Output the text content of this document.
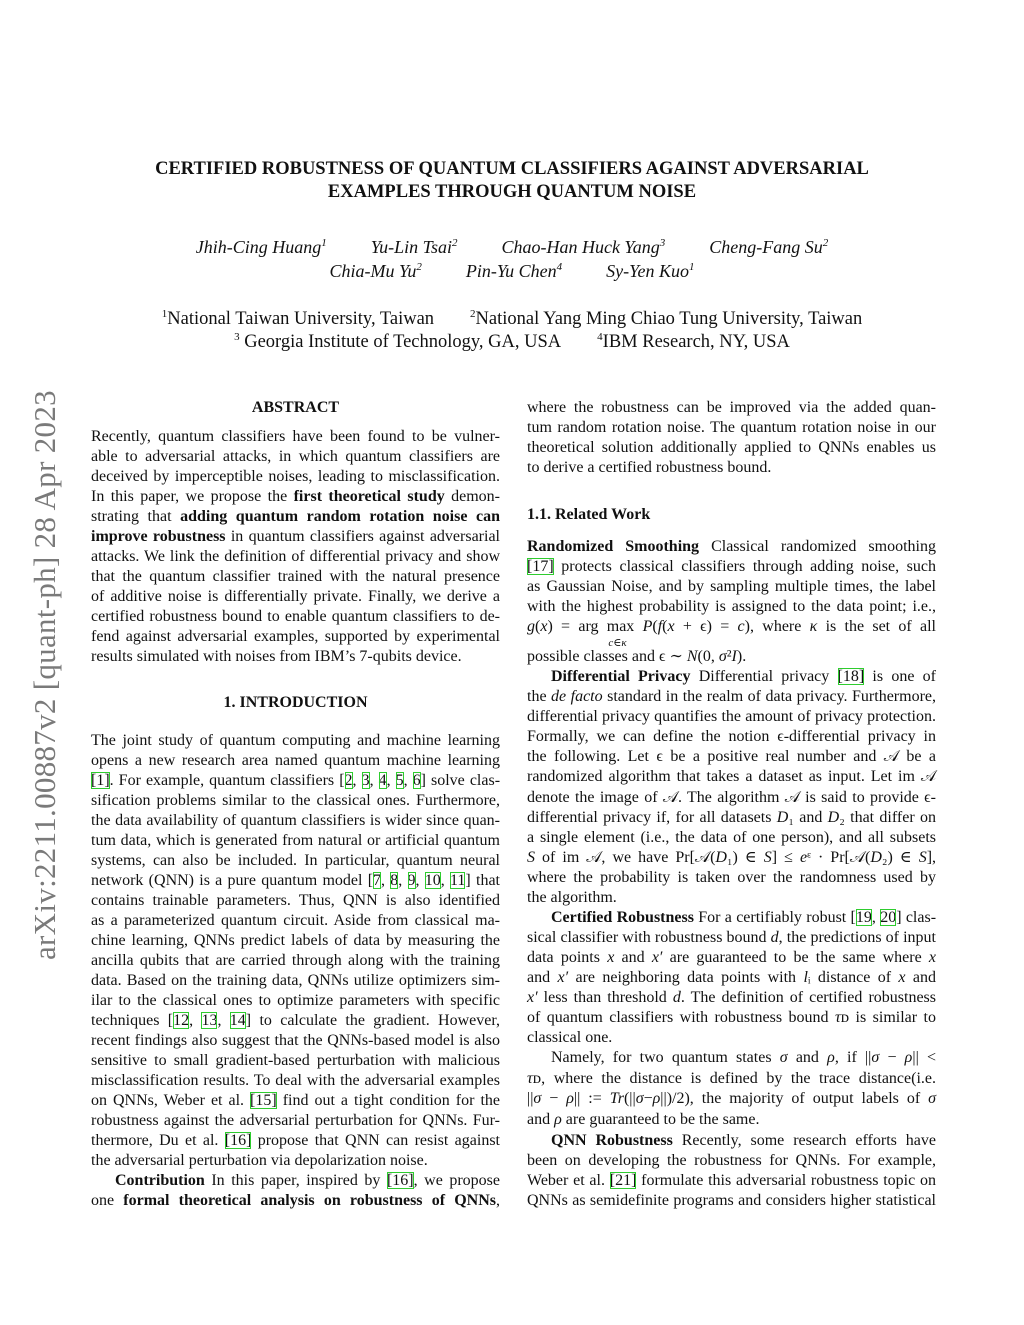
arXiv:2211.00887v2 [quant-ph] 28 Apr 2023
CERTIFIED ROBUSTNESS OF QUANTUM CLASSIFIERS AGAINST ADVERSARIAL
EXAMPLES THROUGH QUANTUM NOISE
ABSTRACT
Recently, quantum classifiers have been found to be vulner-
able to adversarial attacks, in which quantum classifiers are
deceived by imperceptible noises, leading to misclassification.
In this paper, we propose the first theoretical study demon-
strating that adding quantum random rotation noise can
improve robustness in quantum classifiers against adversarial
attacks. We link the definition of differential privacy and show
that the quantum classifier trained with the natural presence
of additive noise is differentially private. Finally, we derive a
certified robustness bound to enable quantum classifiers to de-
fend against adversarial examples, supported by experimental
results simulated with noises from IBM’s 7-qubits device.
1. INTRODUCTION
The joint study of quantum computing and machine learning
opens a new research area named quantum machine learning
[1]. For example, quantum classifiers [2, 3, 4, 5, 6] solve clas-
sification problems similar to the classical ones. Furthermore,
the data availability of quantum classifiers is wider since quan-
tum data, which is generated from natural or artificial quantum
systems, can also be included. In particular, quantum neural
network (QNN) is a pure quantum model [7, 8, 9, 10, 11] that
contains trainable parameters. Thus, QNN is also identified
as a parameterized quantum circuit. Aside from classical ma-
chine learning, QNNs predict labels of data by measuring the
ancilla qubits that are carried through along with the training
data. Based on the training data, QNNs utilize optimizers sim-
ilar to the classical ones to optimize parameters with specific
techniques [12, 13, 14] to calculate the gradient. However,
recent findings also suggest that the QNNs-based model is also
sensitive to small gradient-based perturbation with malicious
misclassification results. To deal with the adversarial examples
on QNNs, Weber et al. [15] find out a tight condition for the
robustness against the adversarial perturbation for QNNs. Fur-
thermore, Du et al. [16] propose that QNN can resist against
the adversarial perturbation via depolarization noise.
Contribution In this paper, inspired by [16], we propose
one formal theoretical analysis on robustness of QNNs,
where the robustness can be improved via the added quan-
tum random rotation noise. The quantum rotation noise in our
theoretical solution additionally applied to QNNs enables us
to derive a certified robustness bound.
1.1. Related Work
Randomized Smoothing Classical randomized smoothing
[17] protects classical classifiers through adding noise, such
as Gaussian Noise, and by sampling multiple times, the label
with the highest probability is assigned to the data point; i.e.,
g(x) = arg maxc∈κ P(f(x + ϵ) = c), where κ is the set of all
possible classes and ϵ ∼ N(0, σ²I).
Differential Privacy Differential privacy [18] is one of
the de facto standard in the realm of data privacy. Furthermore,
differential privacy quantifies the amount of privacy protection.
Formally, we can define the notion ϵ-differential privacy in
the following. Let ϵ be a positive real number and 𝒜 be a
randomized algorithm that takes a dataset as input. Let im 𝒜
denote the image of 𝒜. The algorithm 𝒜 is said to provide ϵ-
differential privacy if, for all datasets D₁ and D₂ that differ on
a single element (i.e., the data of one person), and all subsets
S of im 𝒜, we have Pr[𝒜(D₁) ∈ S] ≤ eᵋ · Pr[𝒜(D₂) ∈ S],
where the probability is taken over the randomness used by
the algorithm.
Certified Robustness For a certifiably robust [19, 20] clas-
sical classifier with robustness bound d, the predictions of input
data points x and x′ are guaranteed to be the same where x
and x′ are neighboring data points with lᵢ distance of x and
x′ less than threshold d. The definition of certified robustness
of quantum classifiers with robustness bound τᴅ is similar to
classical one.
Namely, for two quantum states σ and ρ, if ||σ − ρ|| <
τᴅ, where the distance is defined by the trace distance(i.e.
||σ − ρ|| := Tr(||σ−ρ||)/2), the majority of output labels of σ
and ρ are guaranteed to be the same.
QNN Robustness Recently, some research efforts have
been on developing the robustness for QNNs. For example,
Weber et al. [21] formulate this adversarial robustness topic on
QNNs as semidefinite programs and considers higher statistical
Jhih-Cing Huang$^1$ Yu-Lin Tsai$^2$ Chao-Han Huck Yang$^3$ Cheng-Fang Su$^2$
Chia-Mu Yu$^2$ Pin-Yu Chen$^4$ Sy-Yen Kuo$^1$
$^1$National Taiwan University, Taiwan	$^2$National Yang Ming Chiao Tung University, Taiwan
$^3$ Georgia Institute of Technology, GA, USA	$^4$IBM Research, NY, USA
